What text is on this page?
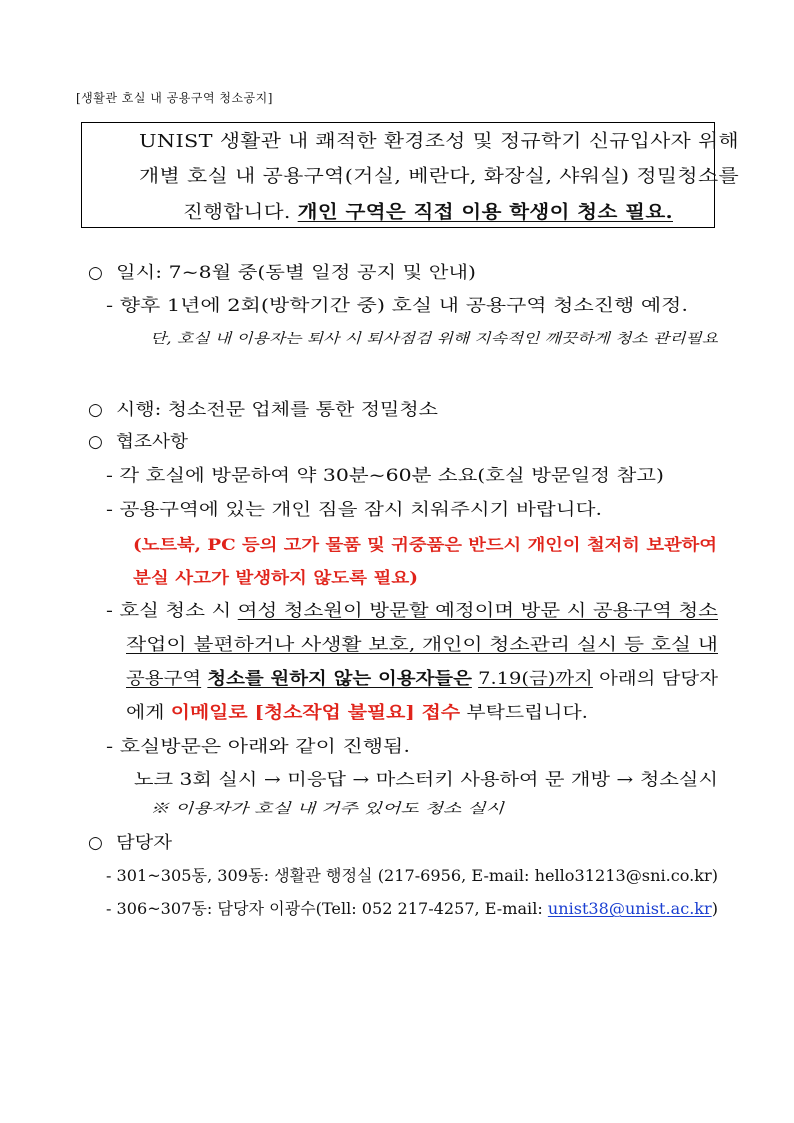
[생활관 호실 내 공용구역 청소공지]
UNIST 생활관 내 쾌적한 환경조성 및 정규학기 신규입사자 위해
개별 호실 내 공용구역(거실, 베란다, 화장실, 샤워실) 정밀청소를
진행합니다. 개인 구역은 직접 이용 학생이 청소 필요.
○ 일시: 7~8월 중(동별 일정 공지 및 안내)
- 향후 1년에 2회(방학기간 중) 호실 내 공용구역 청소진행 예정.
단, 호실 내 이용자는 퇴사 시 퇴사점검 위해 지속적인 깨끗하게 청소 관리필요
○ 시행: 청소전문 업체를 통한 정밀청소
○ 협조사항
- 각 호실에 방문하여 약 30분~60분 소요(호실 방문일정 참고)
- 공용구역에 있는 개인 짐을 잠시 치워주시기 바랍니다.
(노트북, PC 등의 고가 물품 및 귀중품은 반드시 개인이 철저히 보관하여
분실 사고가 발생하지 않도록 필요)
- 호실 청소 시 여성 청소원이 방문할 예정이며 방문 시 공용구역 청소
작업이 불편하거나 사생활 보호, 개인이 청소관리 실시 등 호실 내
공용구역 청소를 원하지 않는 이용자들은 7.19(금)까지 아래의 담당자
에게 이메일로 [청소작업 불필요] 접수 부탁드립니다.
- 호실방문은 아래와 같이 진행됨.
노크 3회 실시 → 미응답 → 마스터키 사용하여 문 개방 → 청소실시
※ 이용자가 호실 내 거주 있어도 청소 실시
○ 담당자
- 301~305동, 309동: 생활관 행정실 (217-6956, E-mail: hello31213@sni.co.kr)
- 306~307동: 담당자 이광수(Tell: 052 217-4257, E-mail: unist38@unist.ac.kr)
